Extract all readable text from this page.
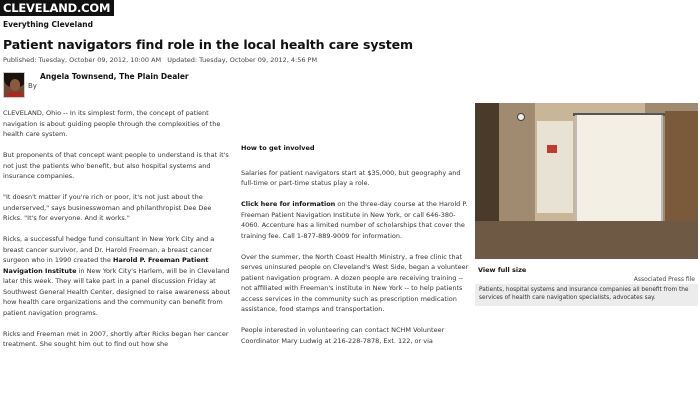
CLEVELAND.COM
Everything Cleveland
Patient navigators find role in the local health care system
Published: Tuesday, October 09, 2012, 10:00 AM Updated: Tuesday, October 09, 2012, 4:56 PM
Angela Townsend, The Plain Dealer
By

CLEVELAND, Ohio -- In its simplest form, the concept of patient navigation is about guiding people through the complexities of the health care system.

But proponents of that concept want people to understand is that it's not just the patients who benefit, but also hospital systems and insurance companies.

"It doesn't matter if you're rich or poor, it's not just about the underserved," says businesswoman and philanthropist Dee Dee Ricks. "It's for everyone. And it works."

Ricks, a successful hedge fund consultant in New York City and a breast cancer survivor, and Dr. Harold Freeman, a breast cancer surgeon who in 1990 created the Harold P. Freeman Patient Navigation Institute in New York City's Harlem, will be in Cleveland later this week. They will take part in a panel discussion Friday at Southwest General Health Center, designed to raise awareness about how health care organizations and the community can benefit from patient navigation programs.

Ricks and Freeman met in 2007, shortly after Ricks began her cancer treatment. She sought him out to find out how she

How to get involved

Salaries for patient navigators start at $35,000, but geography and full-time or part-time status play a role.

Click here for information on the three-day course at the Harold P. Freeman Patient Navigation Institute in New York, or call 646-380-4060. Accenture has a limited number of scholarships that cover the training fee. Call 1-877-889-9009 for information.

Over the summer, the North Coast Health Ministry, a free clinic that serves uninsured people on Cleveland's West Side, began a volunteer patient navigation program. A dozen people are receiving training -- not affiliated with Freeman's institute in New York -- to help patients access services in the community such as prescription medication assistance, food stamps and transportation.

People interested in volunteering can contact NCHM Volunteer Coordinator Mary Ludwig at 216-228-7878, Ext. 122, or via

View full size
Associated Press file
Patients, hospital systems and insurance companies all benefit from the services of health care navigation specialists, advocates say.
